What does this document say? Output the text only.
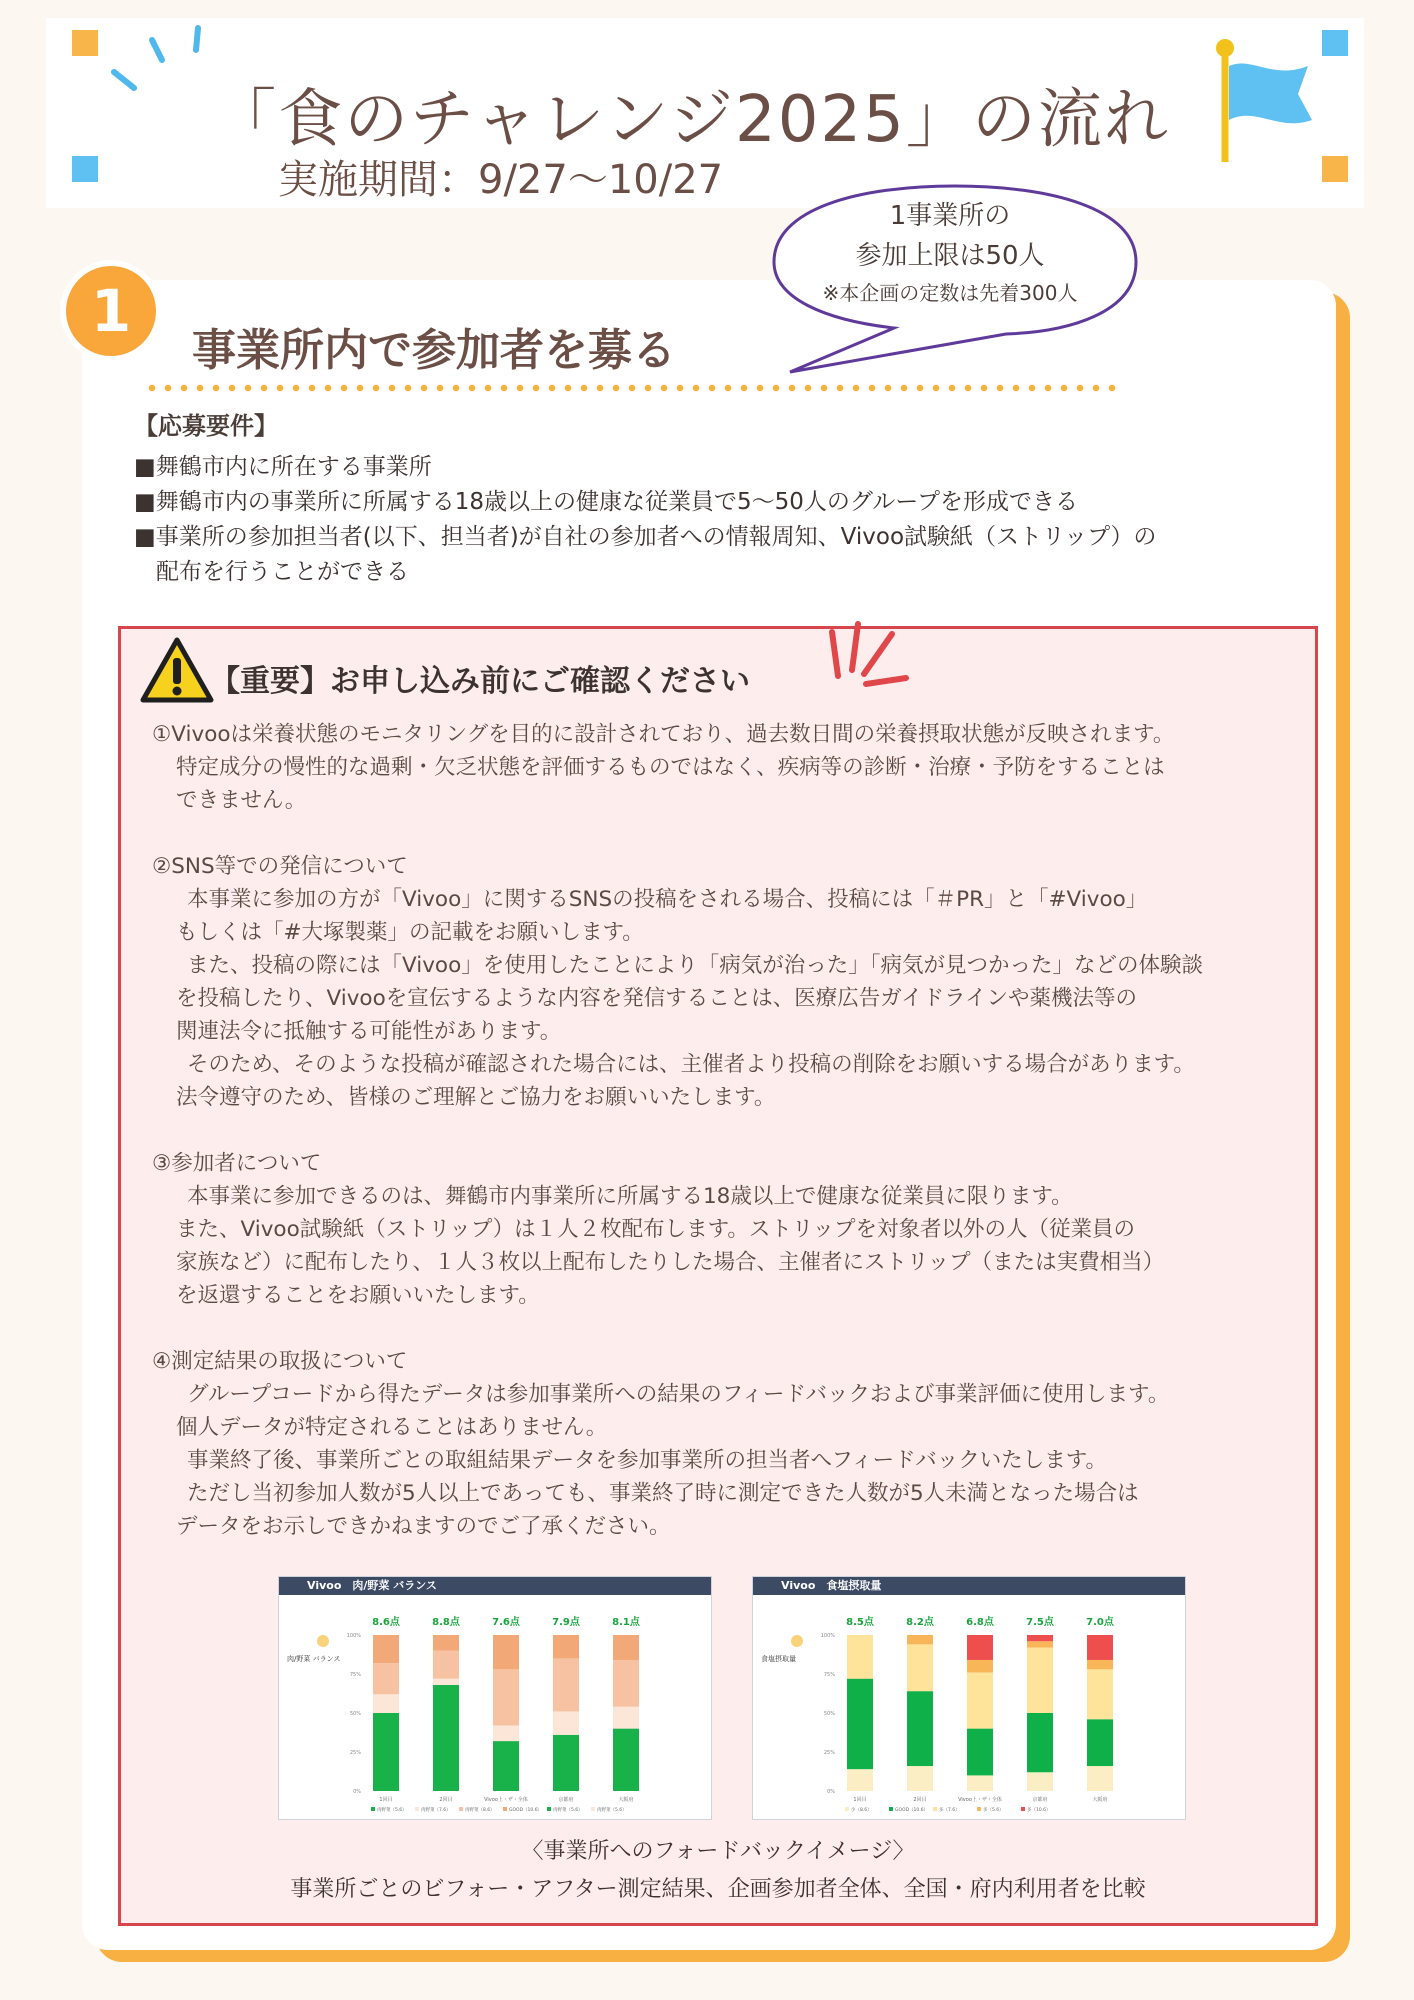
「食のチャレンジ2025」の流れ
実施期間：9/27～10/27
1
事業所内で参加者を募る
1事業所の
参加上限は50人
※本企画の定数は先着300人
【応募要件】
■舞鶴市内に所在する事業所
■舞鶴市内の事業所に所属する18歳以上の健康な従業員で5～50人のグループを形成できる
■事業所の参加担当者(以下、担当者)が自社の参加者への情報周知、Vivoo試験紙（ストリップ）の
配布を行うことができる
【重要】お申し込み前にご確認ください

①Vivooは栄養状態のモニタリングを目的に設計されており、過去数日間の栄養摂取状態が反映されます。

特定成分の慢性的な過剰・欠乏状態を評価するものではなく、疾病等の診断・治療・予防をすることは

できません。

②SNS等での発信について

本事業に参加の方が「Vivoo」に関するSNSの投稿をされる場合、投稿には「＃PR」と「#Vivoo」

もしくは「#大塚製薬」の記載をお願いします。

また、投稿の際には「Vivoo」を使用したことにより「病気が治った」「病気が見つかった」などの体験談

を投稿したり、Vivooを宣伝するような内容を発信することは、医療広告ガイドラインや薬機法等の

関連法令に抵触する可能性があります。

そのため、そのような投稿が確認された場合には、主催者より投稿の削除をお願いする場合があります。

法令遵守のため、皆様のご理解とご協力をお願いいたします。

③参加者について

本事業に参加できるのは、舞鶴市内事業所に所属する18歳以上で健康な従業員に限ります。

また、Vivoo試験紙（ストリップ）は１人２枚配布します。ストリップを対象者以外の人（従業員の

家族など）に配布したり、１人３枚以上配布したりした場合、主催者にストリップ（または実費相当）

を返還することをお願いいたします。

④測定結果の取扱について

グループコードから得たデータは参加事業所への結果のフィードバックおよび事業評価に使用します。

個人データが特定されることはありません。

事業終了後、事業所ごとの取組結果データを参加事業所の担当者へフィードバックいたします。

ただし当初参加人数が5人以上であっても、事業終了時に測定できた人数が5人未満となった場合は

データをお示しできかねますのでご了承ください。

Vivoo　肉/野菜 バランス
肉/野菜 バランス
0%
25%
50%
75%
100%
8.6点
1回目
8.8点
2回目
7.6点
Vivoo上・ザ・全体
7.9点
京都府
8.1点
大阪府
肉野菜（5.6）	肉野菜（7.6）	肉野菜（8.6）	GOOD（10.6） 肉野菜（5.6）	肉野菜（5.6）
Vivoo　食塩摂取量
食塩摂取量
0%
25%
50%
75%
100%
8.5点
1回目
8.2点
2回目
6.8点
Vivoo上・ザ・全体
7.5点
京都府
7.0点
大阪府
少（8.6）	GOOD（10.6） 多（7.6）	多（5.6）	多（10.6）
〈事業所へのフォードバックイメージ〉
事業所ごとのビフォー・アフター測定結果、企画参加者全体、全国・府内利用者を比較
